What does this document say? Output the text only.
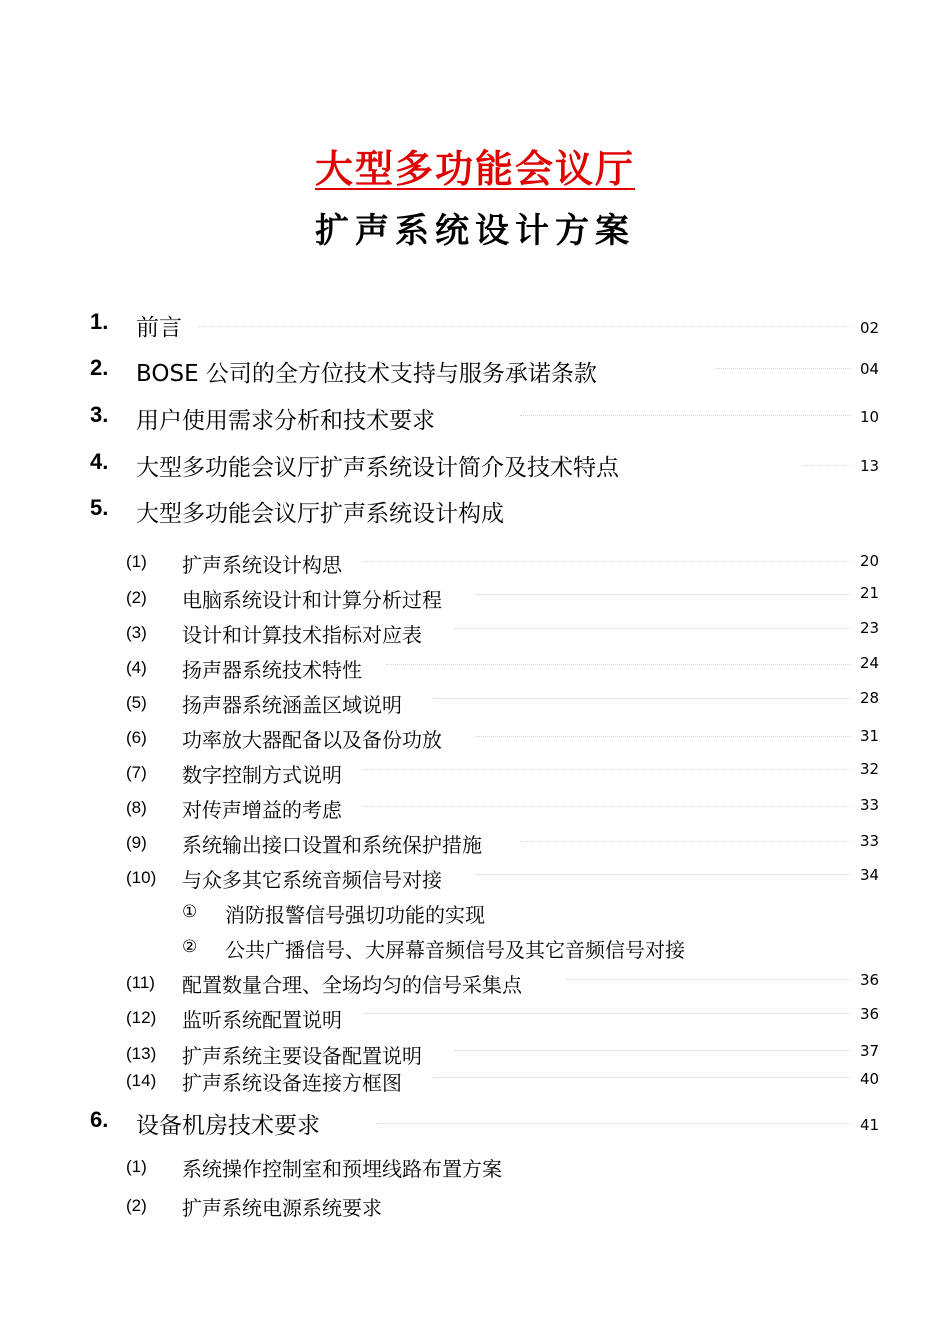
大型多功能会议厅
扩声系统设计方案
1. 前言	02
2. BOSE 公司的全方位技术支持与服务承诺条款	04
3. 用户使用需求分析和技术要求	10
4. 大型多功能会议厅扩声系统设计简介及技术特点	13
5. 大型多功能会议厅扩声系统设计构成
(1) 扩声系统设计构思	20
(2) 电脑系统设计和计算分析过程	21
(3) 设计和计算技术指标对应表	23
(4) 扬声器系统技术特性	24
(5) 扬声器系统涵盖区域说明	28
(6) 功率放大器配备以及备份功放	31
(7) 数字控制方式说明	32
(8) 对传声增益的考虑	33
(9) 系统输出接口设置和系统保护措施	33
(10) 与众多其它系统音频信号对接	34
① 消防报警信号强切功能的实现
② 公共广播信号、大屏幕音频信号及其它音频信号对接
(11) 配置数量合理、全场均匀的信号采集点	36
(12) 监听系统配置说明	36
(13) 扩声系统主要设备配置说明	37
(14) 扩声系统设备连接方框图	40
6. 设备机房技术要求	41
(1) 系统操作控制室和预埋线路布置方案
(2) 扩声系统电源系统要求
